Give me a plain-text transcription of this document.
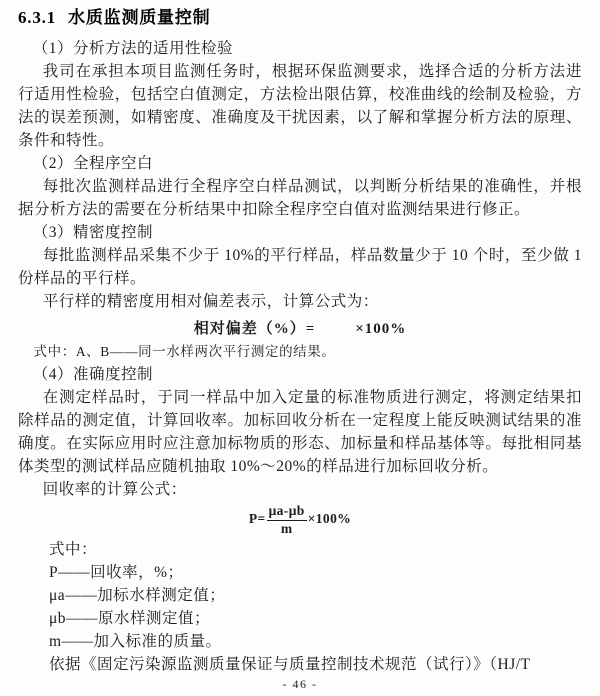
6.3.1 水质监测质量控制

（1）分析方法的适用性检验

我司在承担本项目监测任务时，根据环保监测要求，选择合适的分析方法进行适用性检验，包括空白值测定，方法检出限估算，校准曲线的绘制及检验，方法的误差预测，如精密度、准确度及干扰因素，以了解和掌握分析方法的原理、条件和特性。

（2）全程序空白

每批次监测样品进行全程序空白样品测试，以判断分析结果的准确性，并根据分析方法的需要在分析结果中扣除全程序空白值对监测结果进行修正。

（3）精密度控制

每批监测样品采集不少于 10%的平行样品，样品数量少于 10 个时，至少做 1 份样品的平行样。

平行样的精密度用相对偏差表示，计算公式为：

相对偏差（%）=	×100%

式中：A、B——同一水样两次平行测定的结果。

（4）准确度控制

在测定样品时，于同一样品中加入定量的标准物质进行测定，将测定结果扣除样品的测定值，计算回收率。加标回收分析在一定程度上能反映测试结果的准确度。在实际应用时应注意加标物质的形态、加标量和样品基体等。每批相同基体类型的测试样品应随机抽取 10%～20%的样品进行加标回收分析。

回收率的计算公式：

$P= \frac{\mu a-\mu b}{m} \times 100\%$

式中：

P——回收率，%；

μa——加标水样测定值；

μb——原水样测定值；

m——加入标准的质量。

依据《固定污染源监测质量保证与质量控制技术规范（试行）》（HJ/T

- 46 -
